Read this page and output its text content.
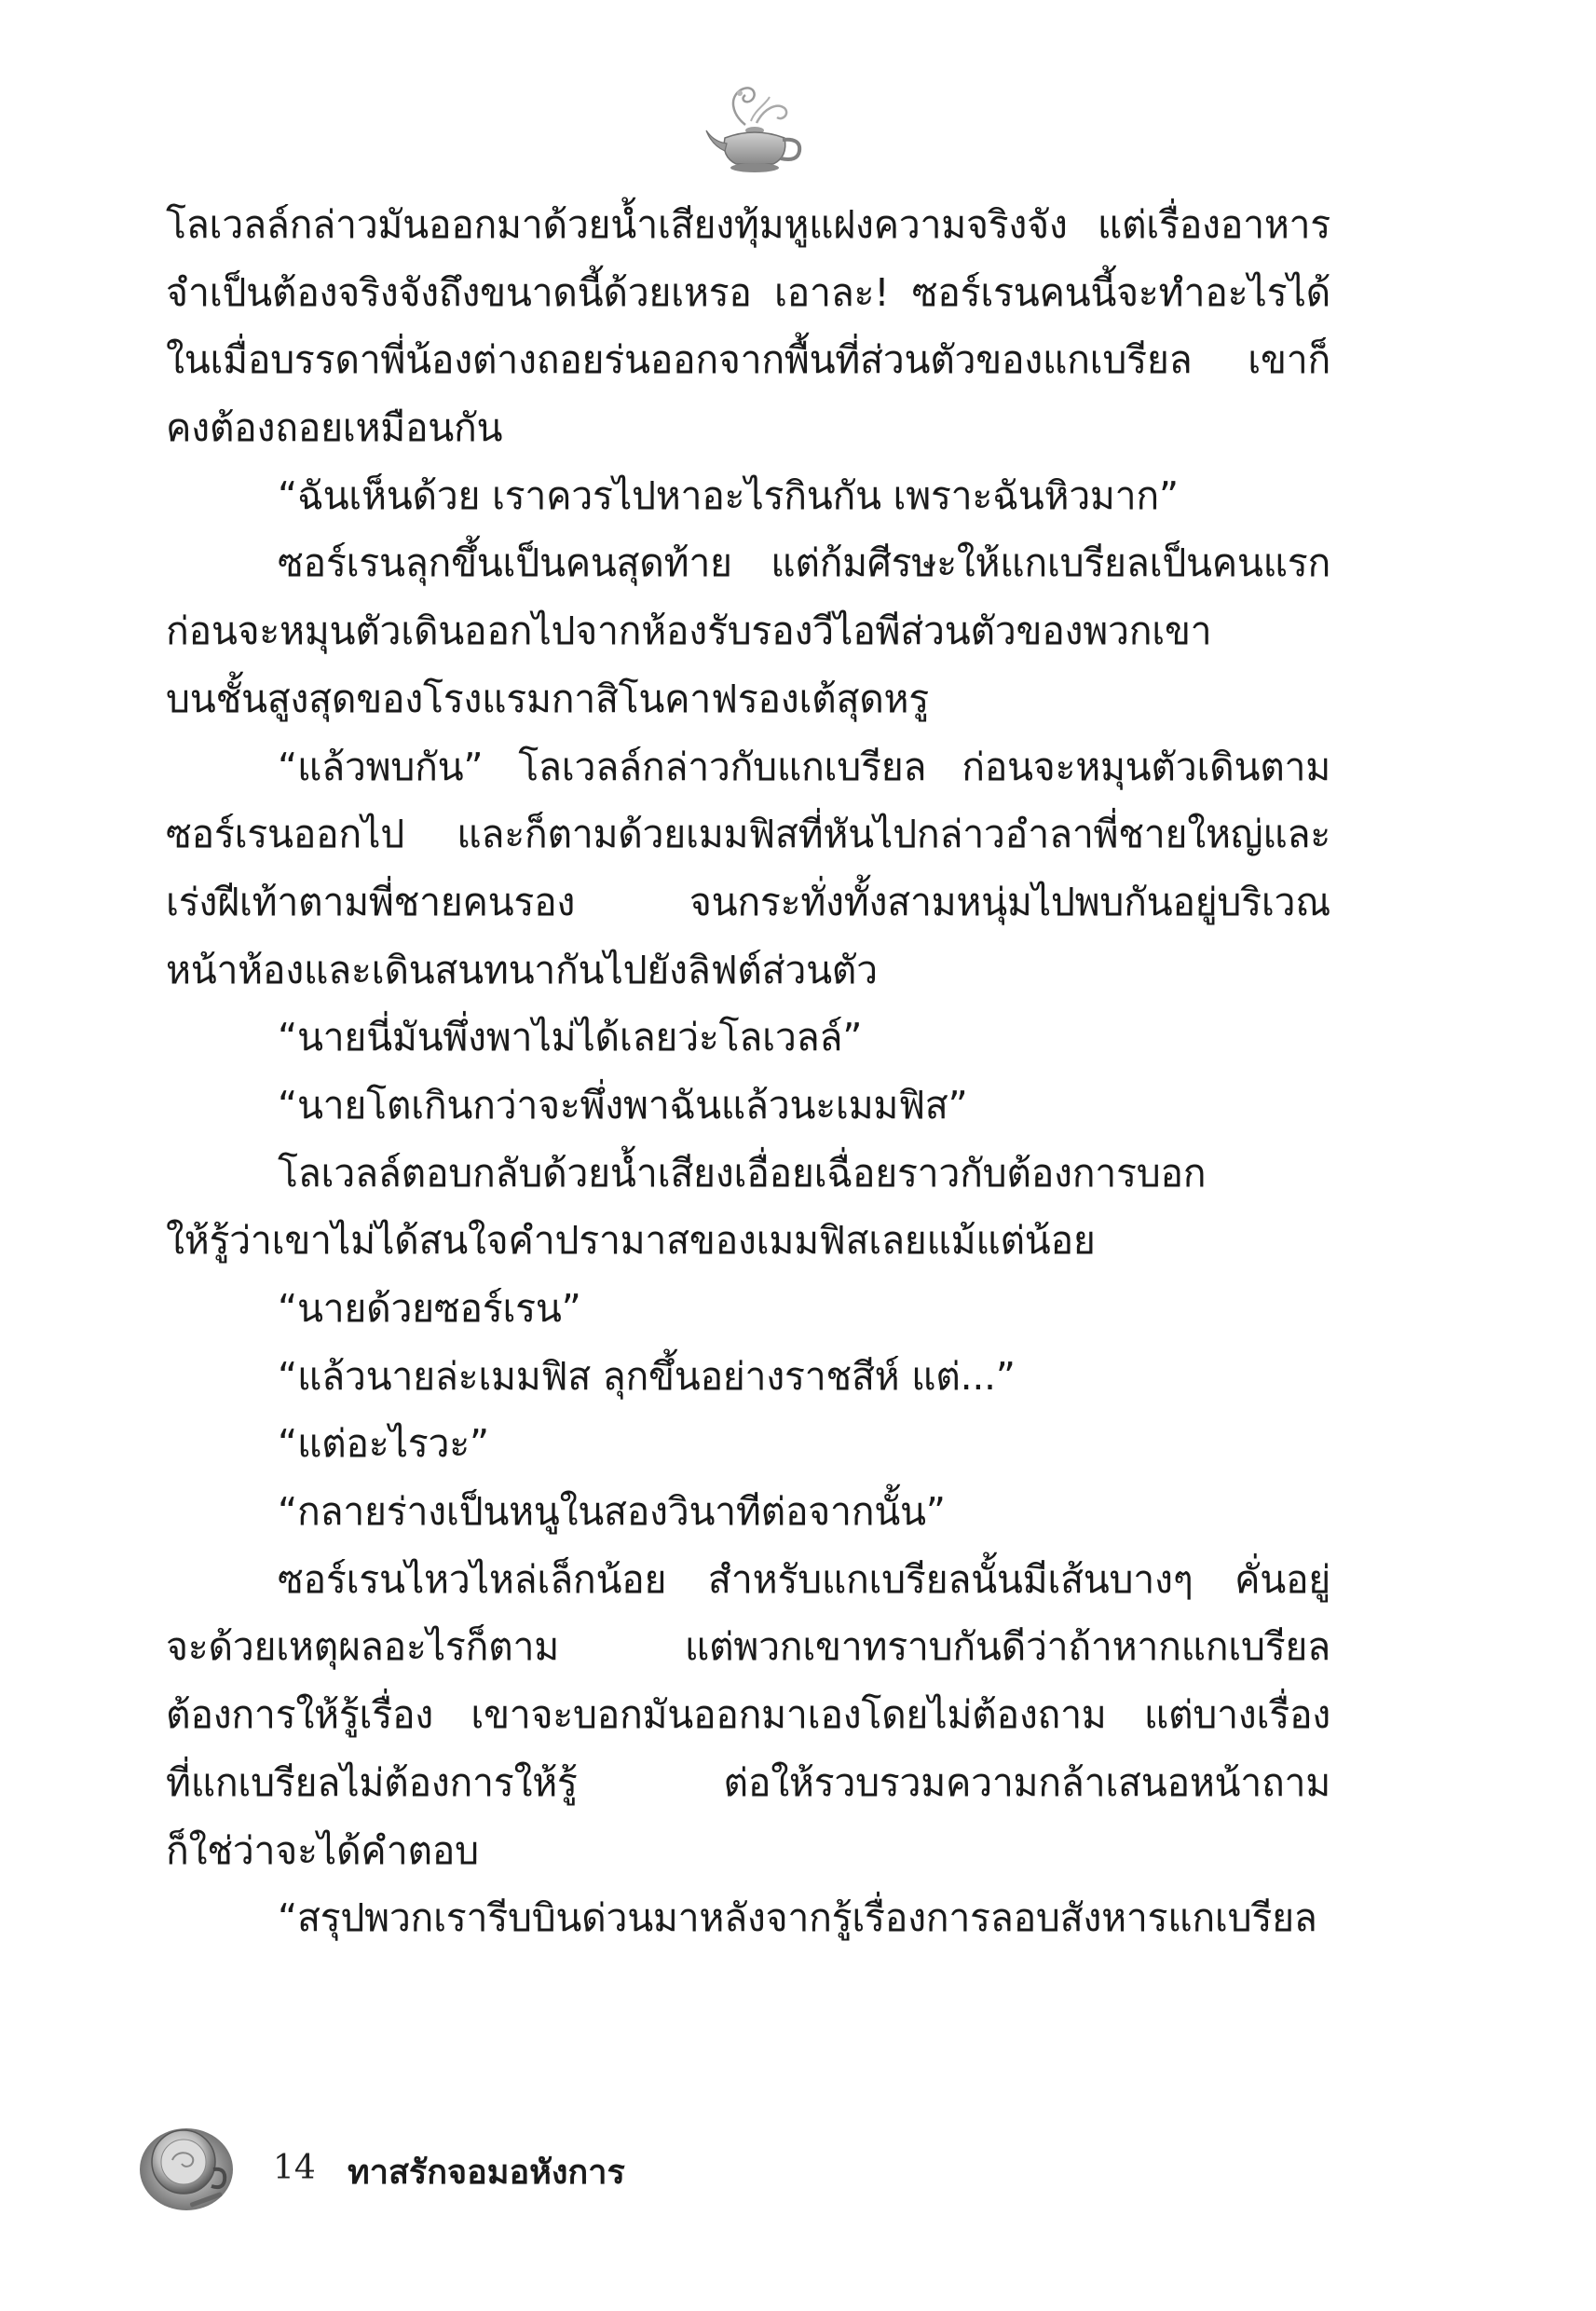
โลเวลล์กล่าวมันออกมาด้วยน้ำเสียงทุ้มหูแฝงความจริงจัง แต่เรื่องอาหาร
จำเป็นต้องจริงจังถึงขนาดนี้ด้วยเหรอ เอาละ! ซอร์เรนคนนี้จะทำอะไรได้
ในเมื่อบรรดาพี่น้องต่างถอยร่นออกจากพื้นที่ส่วนตัวของแกเบรียล เขาก็
คงต้องถอยเหมือนกัน
“ฉันเห็นด้วย เราควรไปหาอะไรกินกัน เพราะฉันหิวมาก”
ซอร์เรนลุกขึ้นเป็นคนสุดท้าย แต่ก้มศีรษะให้แกเบรียลเป็นคนแรก
ก่อนจะหมุนตัวเดินออกไปจากห้องรับรองวีไอพีส่วนตัวของพวกเขา
บนชั้นสูงสุดของโรงแรมกาสิโนคาฟรองเต้สุดหรู
“แล้วพบกัน” โลเวลล์กล่าวกับแกเบรียล ก่อนจะหมุนตัวเดินตาม
ซอร์เรนออกไป และก็ตามด้วยเมมฟิสที่หันไปกล่าวอำลาพี่ชายใหญ่และ
เร่งฝีเท้าตามพี่ชายคนรอง จนกระทั่งทั้งสามหนุ่มไปพบกันอยู่บริเวณ
หน้าห้องและเดินสนทนากันไปยังลิฟต์ส่วนตัว
“นายนี่มันพึ่งพาไม่ได้เลยว่ะโลเวลล์”
“นายโตเกินกว่าจะพึ่งพาฉันแล้วนะเมมฟิส”
โลเวลล์ตอบกลับด้วยน้ำเสียงเอื่อยเฉื่อยราวกับต้องการบอก
ให้รู้ว่าเขาไม่ได้สนใจคำปรามาสของเมมฟิสเลยแม้แต่น้อย
“นายด้วยซอร์เรน”
“แล้วนายล่ะเมมฟิส ลุกขึ้นอย่างราชสีห์ แต่...”
“แต่อะไรวะ”
“กลายร่างเป็นหนูในสองวินาทีต่อจากนั้น”
ซอร์เรนไหวไหล่เล็กน้อย สำหรับแกเบรียลนั้นมีเส้นบางๆ คั่นอยู่
จะด้วยเหตุผลอะไรก็ตาม แต่พวกเขาทราบกันดีว่าถ้าหากแกเบรียล
ต้องการให้รู้เรื่อง เขาจะบอกมันออกมาเองโดยไม่ต้องถาม แต่บางเรื่อง
ที่แกเบรียลไม่ต้องการให้รู้ ต่อให้รวบรวมความกล้าเสนอหน้าถาม
ก็ใช่ว่าจะได้คำตอบ
“สรุปพวกเรารีบบินด่วนมาหลังจากรู้เรื่องการลอบสังหารแกเบรียล
14 ทาสรักจอมอหังการ
